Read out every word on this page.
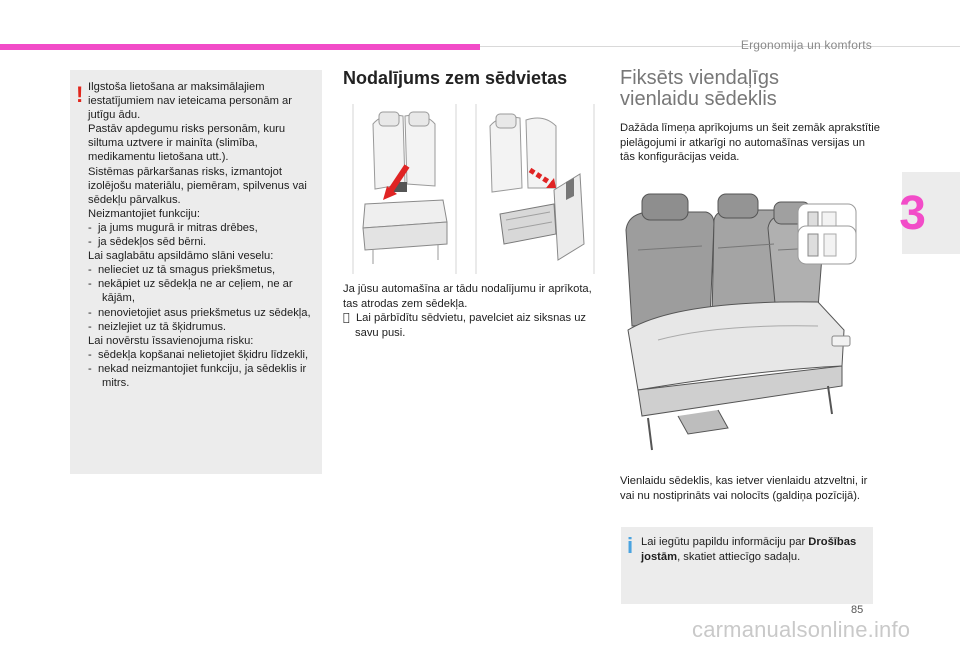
Ergonomija un komforts
3

Ilgstoša lietošana ar maksimālajiem iestatījumiem nav ieteicama personām ar jutīgu ādu.

Pastāv apdegumu risks personām, kuru siltuma uztvere ir mainīta (slimība, medikamentu lietošana utt.).

Sistēmas pārkaršanas risks, izmantojot izolējošu materiālu, piemēram, spilvenus vai sēdekļu pārvalkus.

Neizmantojiet funkciju:

-  ja jums mugurā ir mitras drēbes,

-  ja sēdekļos sēd bērni.

Lai saglabātu apsildāmo slāni veselu:

-  nelieciet uz tā smagus priekšmetus,

-  nekāpiet uz sēdekļa ne ar ceļiem, ne ar kājām,

-  nenovietojiet asus priekšmetus uz sēdekļa,

-  neizlejiet uz tā šķidrumus.

Lai novērstu īssavienojuma risku:

-  sēdekļa kopšanai nelietojiet šķidru līdzekli,

-  nekad neizmantojiet funkciju, ja sēdeklis ir mitrs.

!
Nodalījums zem sēdvietas

Ja jūsu automašīna ar tādu nodalījumu ir aprīkota, tas atrodas zem sēdekļa.

Lai pārbīdītu sēdvietu, pavelciet aiz siksnas uz savu pusi.

Fiksēts viendaļīgs
vienlaidu sēdeklis

Dažāda līmeņa aprīkojums un šeit zemāk aprakstītie pielāgojumi ir atkarīgi no automašīnas versijas un tās konfigurācijas veida.

Vienlaidu sēdeklis, kas ietver vienlaidu atzveltni, ir vai nu nostiprināts vai nolocīts (galdiņa pozīcijā).

Lai iegūtu papildu informāciju par Drošības jostām, skatiet attiecīgo sadaļu.

i
85
carmanualsonline.info
